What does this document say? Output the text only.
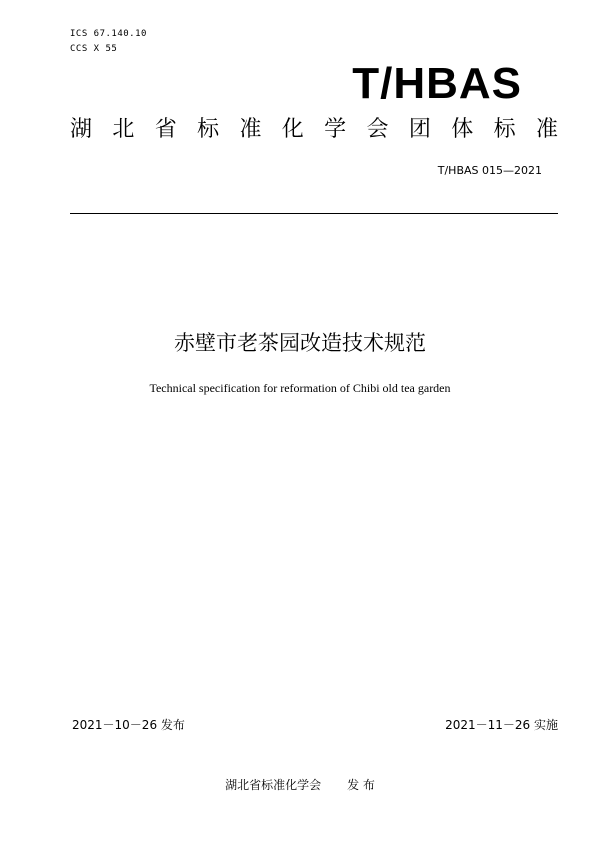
ICS 67.140.10
CCS X 55
T/HBAS
湖北省标准化学会团体标准
T/HBAS 015—2021
赤壁市老茶园改造技术规范
Technical specification for reformation of Chibi old tea garden
2021－10－26 发布	2021－11－26 实施
湖北省标准化学会 发 布
